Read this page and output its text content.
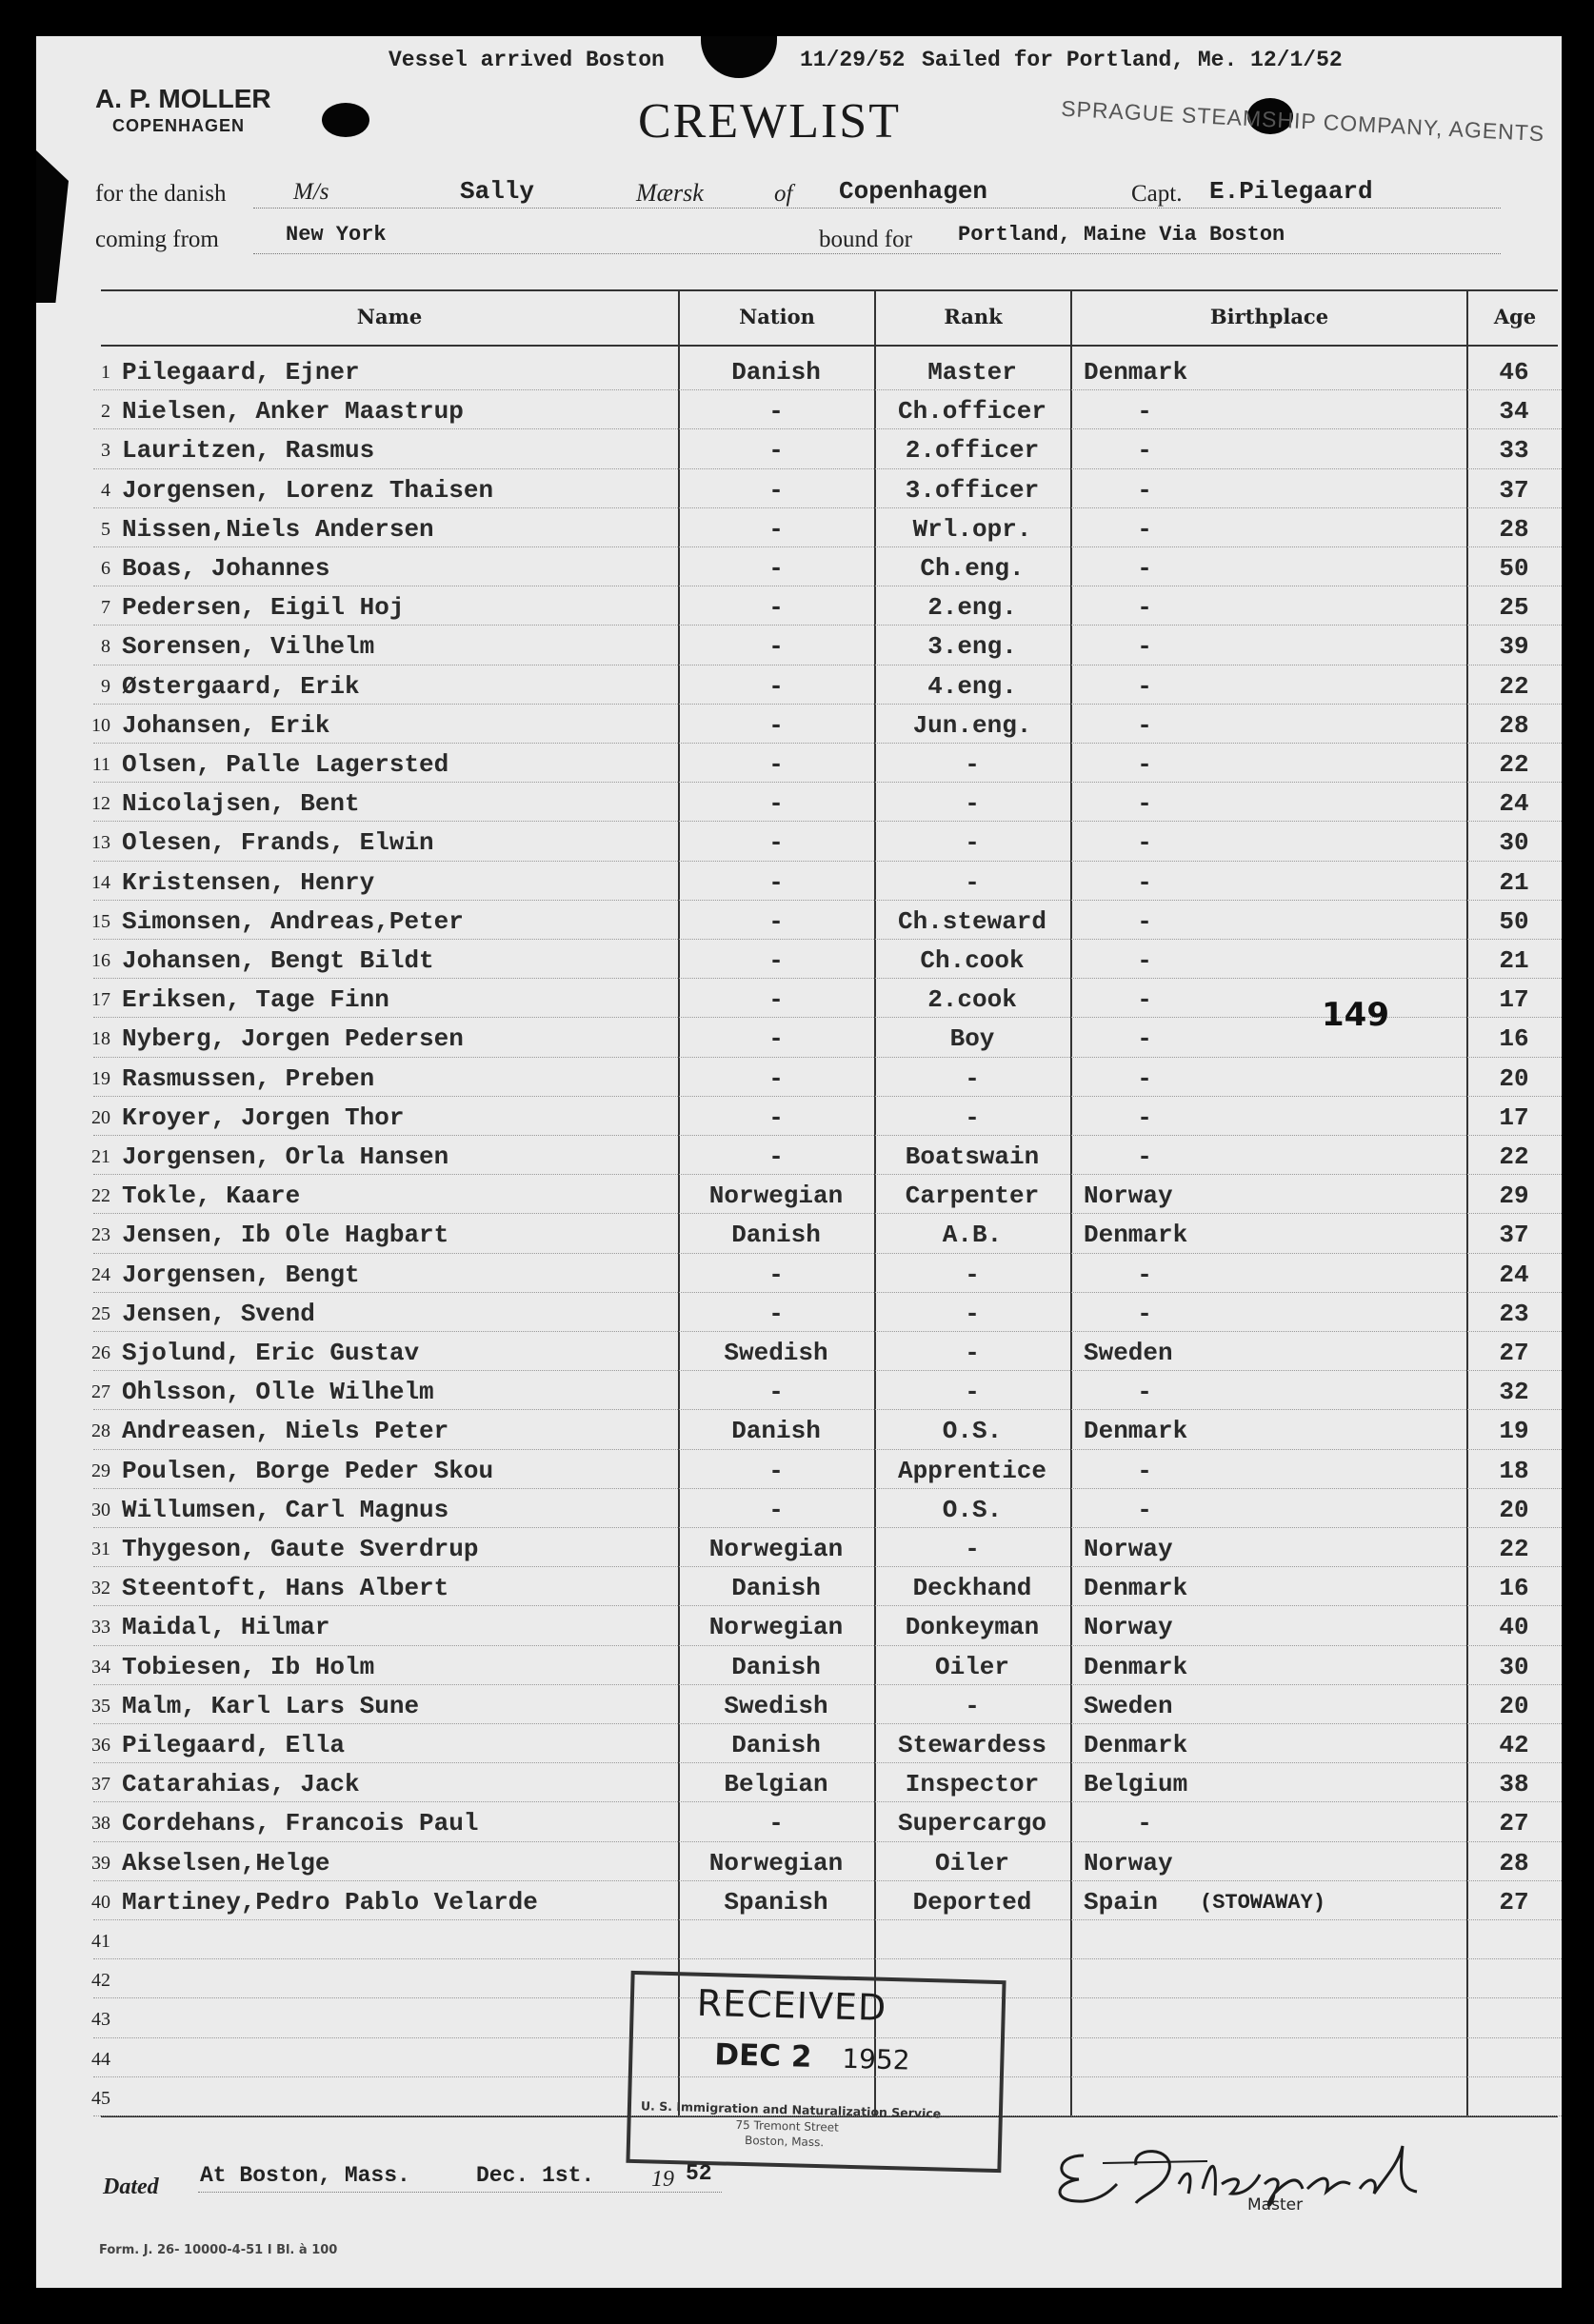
Vessel arrived Boston	11/29/52 Sailed for Portland, Me. 12/1/52
A. P. MOLLER
COPENHAGEN	CREWLIST	SPRAGUE STEAMSHIP COMPANY, AGENTS
for the danish	M/s	Sally	Mærsk	of Copenhagen	Capt. E.Pilegaard
coming from	New York	bound for Portland, Maine Via Boston
Name	Nation	Rank	Birthplace	Age
1 Pilegaard, Ejner	Danish	Master	Denmark	46
2 Nielsen, Anker Maastrup	-	Ch.officer	-	34
3 Lauritzen, Rasmus	-	2.officer	-	33
4 Jorgensen, Lorenz Thaisen	-	3.officer	-	37
5 Nissen,Niels Andersen	-	Wrl.opr.	-	28
6 Boas, Johannes	-	Ch.eng.	-	50
7 Pedersen, Eigil Hoj	-	2.eng.	-	25
8 Sorensen, Vilhelm	-	3.eng.	-	39
9 Østergaard, Erik	-	4.eng.	-	22
10 Johansen, Erik	-	Jun.eng.	-	28
11 Olsen, Palle Lagersted	-	-	-	22
12 Nicolajsen, Bent	-	-	-	24
13 Olesen, Frands, Elwin	-	-	-	30
14 Kristensen, Henry	-	-	-	21
15 Simonsen, Andreas,Peter	-	Ch.steward	-	50
16 Johansen, Bengt Bildt	-	Ch.cook	-	21
17 Eriksen, Tage Finn	-	2.cook	-	17
18 Nyberg, Jorgen Pedersen	-	Boy	-	16
19 Rasmussen, Preben	-	-	-	20
20 Kroyer, Jorgen Thor	-	-	-	17
21 Jorgensen, Orla Hansen	-	Boatswain	-	22
22 Tokle, Kaare	Norwegian	Carpenter	Norway	29
23 Jensen, Ib Ole Hagbart	Danish	A.B.	Denmark	37
24 Jorgensen, Bengt	-	-	-	24
25 Jensen, Svend	-	-	-	23
26 Sjolund, Eric Gustav	Swedish	-	Sweden	27
27 Ohlsson, Olle Wilhelm	-	-	-	32
28 Andreasen, Niels Peter	Danish	O.S.	Denmark	19
29 Poulsen, Borge Peder Skou	-	Apprentice	-	18
30 Willumsen, Carl Magnus	-	O.S.	-	20
31 Thygeson, Gaute Sverdrup	Norwegian	-	Norway	22
32 Steentoft, Hans Albert	Danish	Deckhand	Denmark	16
33 Maidal, Hilmar	Norwegian	Donkeyman	Norway	40
34 Tobiesen, Ib Holm	Danish	Oiler	Denmark	30
35 Malm, Karl Lars Sune	Swedish	-	Sweden	20
36 Pilegaard, Ella	Danish	Stewardess	Denmark	42
37 Catarahias, Jack	Belgian	Inspector	Belgium	38
38 Cordehans, Francois Paul	-	Supercargo	-	27
39 Akselsen,Helge	Norwegian	Oiler	Norway	28
40 Martiney,Pedro Pablo Velarde	Spanish	Deported	Spain	27
41
42
43
44
45
149
(STOWAWAY)
RECEIVED
DEC 2 1952
U. S. Immigration and Naturalization Service
75 Tremont Street
Boston, Mass.
Dated At Boston, Mass.	Dec. 1st. 19 52
Master
Form. J. 26- 10000-4-51 I Bl. à 100
